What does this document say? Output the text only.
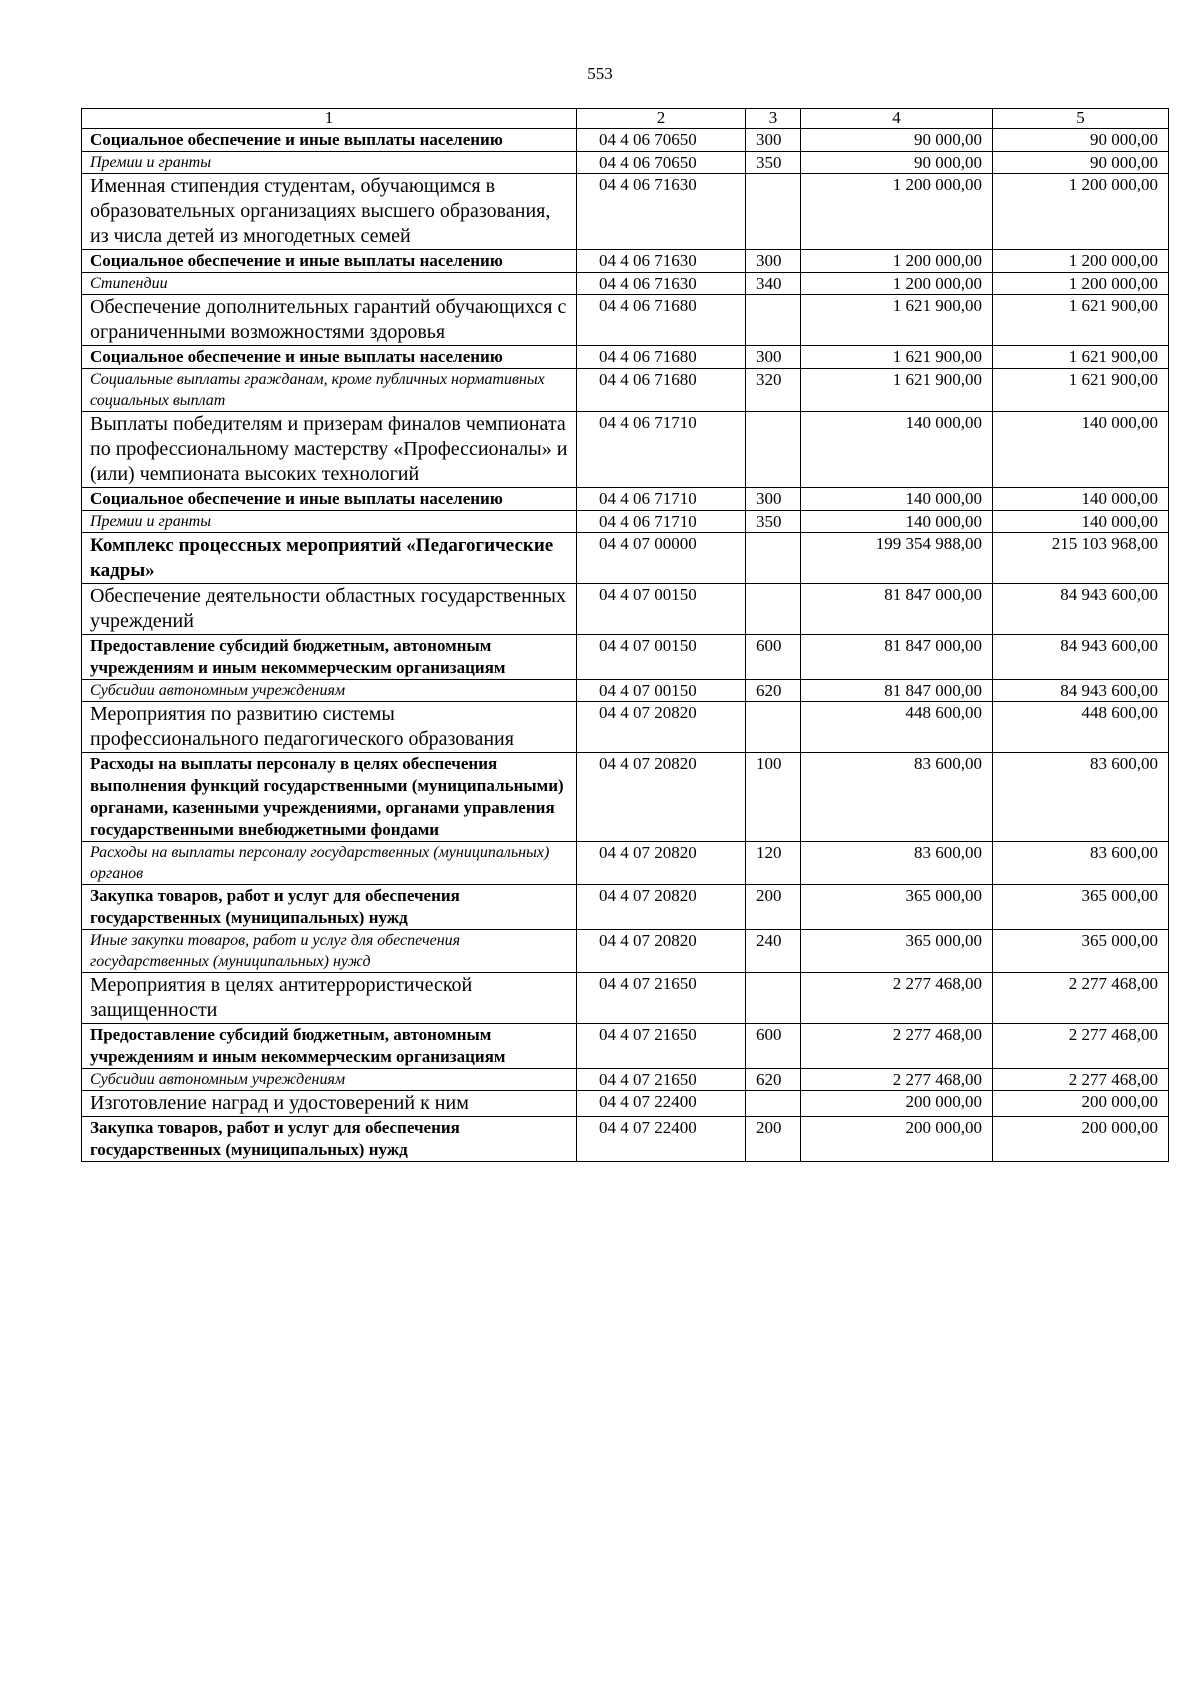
553
1	2	3	4	5
Социальное обеспечение и иные выплаты населению	04 4 06 70650	300	90 000,00	90 000,00
Премии и гранты	04 4 06 70650	350	90 000,00	90 000,00
Именная стипендия студентам, обучающимся в образовательных организациях высшего образования, из числа детей из многодетных семей	04 4 06 71630		1 200 000,00	1 200 000,00
Социальное обеспечение и иные выплаты населению	04 4 06 71630	300	1 200 000,00	1 200 000,00
Стипендии	04 4 06 71630	340	1 200 000,00	1 200 000,00
Обеспечение дополнительных гарантий обучающихся с ограниченными возможностями здоровья	04 4 06 71680		1 621 900,00	1 621 900,00
Социальное обеспечение и иные выплаты населению	04 4 06 71680	300	1 621 900,00	1 621 900,00
Социальные выплаты гражданам, кроме публичных нормативных социальных выплат	04 4 06 71680	320	1 621 900,00	1 621 900,00
Выплаты победителям и призерам финалов чемпионата по профессиональному мастерству «Профессионалы» и (или) чемпионата высоких технологий	04 4 06 71710		140 000,00	140 000,00
Социальное обеспечение и иные выплаты населению	04 4 06 71710	300	140 000,00	140 000,00
Премии и гранты	04 4 06 71710	350	140 000,00	140 000,00
Комплекс процессных мероприятий «Педагогические кадры»	04 4 07 00000		199 354 988,00	215 103 968,00
Обеспечение деятельности областных государственных учреждений	04 4 07 00150		81 847 000,00	84 943 600,00
Предоставление субсидий бюджетным, автономным учреждениям и иным некоммерческим организациям	04 4 07 00150	600	81 847 000,00	84 943 600,00
Субсидии автономным учреждениям	04 4 07 00150	620	81 847 000,00	84 943 600,00
Мероприятия по развитию системы профессионального педагогического образования	04 4 07 20820		448 600,00	448 600,00
Расходы на выплаты персоналу в целях обеспечения выполнения функций государственными (муниципальными) органами, казенными учреждениями, органами управления государственными внебюджетными фондами	04 4 07 20820	100	83 600,00	83 600,00
Расходы на выплаты персоналу государственных (муниципальных) органов	04 4 07 20820	120	83 600,00	83 600,00
Закупка товаров, работ и услуг для обеспечения государственных (муниципальных) нужд	04 4 07 20820	200	365 000,00	365 000,00
Иные закупки товаров, работ и услуг для обеспечения государственных (муниципальных) нужд	04 4 07 20820	240	365 000,00	365 000,00
Мероприятия в целях антитеррористической защищенности	04 4 07 21650		2 277 468,00	2 277 468,00
Предоставление субсидий бюджетным, автономным учреждениям и иным некоммерческим организациям	04 4 07 21650	600	2 277 468,00	2 277 468,00
Субсидии автономным учреждениям	04 4 07 21650	620	2 277 468,00	2 277 468,00
Изготовление наград и удостоверений к ним	04 4 07 22400		200 000,00	200 000,00
Закупка товаров, работ и услуг для обеспечения государственных (муниципальных) нужд	04 4 07 22400	200	200 000,00	200 000,00
